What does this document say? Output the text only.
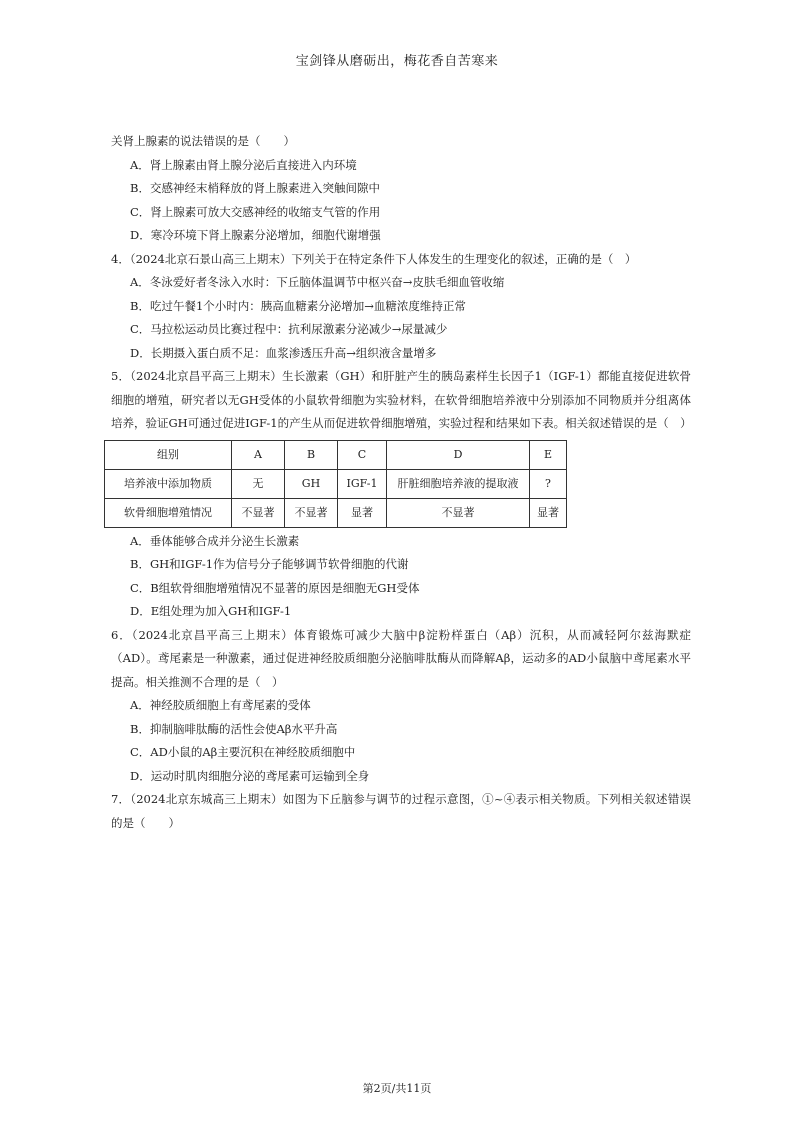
宝剑锋从磨砺出，梅花香自苦寒来
关肾上腺素的说法错误的是（　　）
A．肾上腺素由肾上腺分泌后直接进入内环境
B．交感神经末梢释放的肾上腺素进入突触间隙中
C．肾上腺素可放大交感神经的收缩支气管的作用
D．寒冷环境下肾上腺素分泌增加，细胞代谢增强
4．（2024北京石景山高三上期末）下列关于在特定条件下人体发生的生理变化的叙述，正确的是（　）
A．冬泳爱好者冬泳入水时：下丘脑体温调节中枢兴奋→皮肤毛细血管收缩
B．吃过午餐1个小时内：胰高血糖素分泌增加→血糖浓度维持正常
C．马拉松运动员比赛过程中：抗利尿激素分泌减少→尿量减少
D．长期摄入蛋白质不足：血浆渗透压升高→组织液含量增多
5．（2024北京昌平高三上期末）生长激素（GH）和肝脏产生的胰岛素样生长因子1（IGF-1）都能直接促进软骨细胞的增殖，研究者以无GH受体的小鼠软骨细胞为实验材料，在软骨细胞培养液中分别添加不同物质并分组离体培养，验证GH可通过促进IGF-1的产生从而促进软骨细胞增殖，实验过程和结果如下表。相关叙述错误的是（　）
组别	A	B	C	D	E
培养液中添加物质	无	GH	IGF-1	肝脏细胞培养液的提取液	?
软骨细胞增殖情况	不显著	不显著	显著	不显著	显著
A．垂体能够合成并分泌生长激素
B．GH和IGF-1作为信号分子能够调节软骨细胞的代谢
C．B组软骨细胞增殖情况不显著的原因是细胞无GH受体
D．E组处理为加入GH和IGF-1
6．（2024北京昌平高三上期末）体育锻炼可减少大脑中β淀粉样蛋白（Aβ）沉积，从而减轻阿尔兹海默症（AD）。鸢尾素是一种激素，通过促进神经胶质细胞分泌脑啡肽酶从而降解Aβ，运动多的AD小鼠脑中鸢尾素水平提高。相关推测不合理的是（　）
A．神经胶质细胞上有鸢尾素的受体
B．抑制脑啡肽酶的活性会使Aβ水平升高
C．AD小鼠的Aβ主要沉积在神经胶质细胞中
D．运动时肌肉细胞分泌的鸢尾素可运输到全身
7．（2024北京东城高三上期末）如图为下丘脑参与调节的过程示意图，①~④表示相关物质。下列相关叙述错误的是（　　）
第2页/共11页
